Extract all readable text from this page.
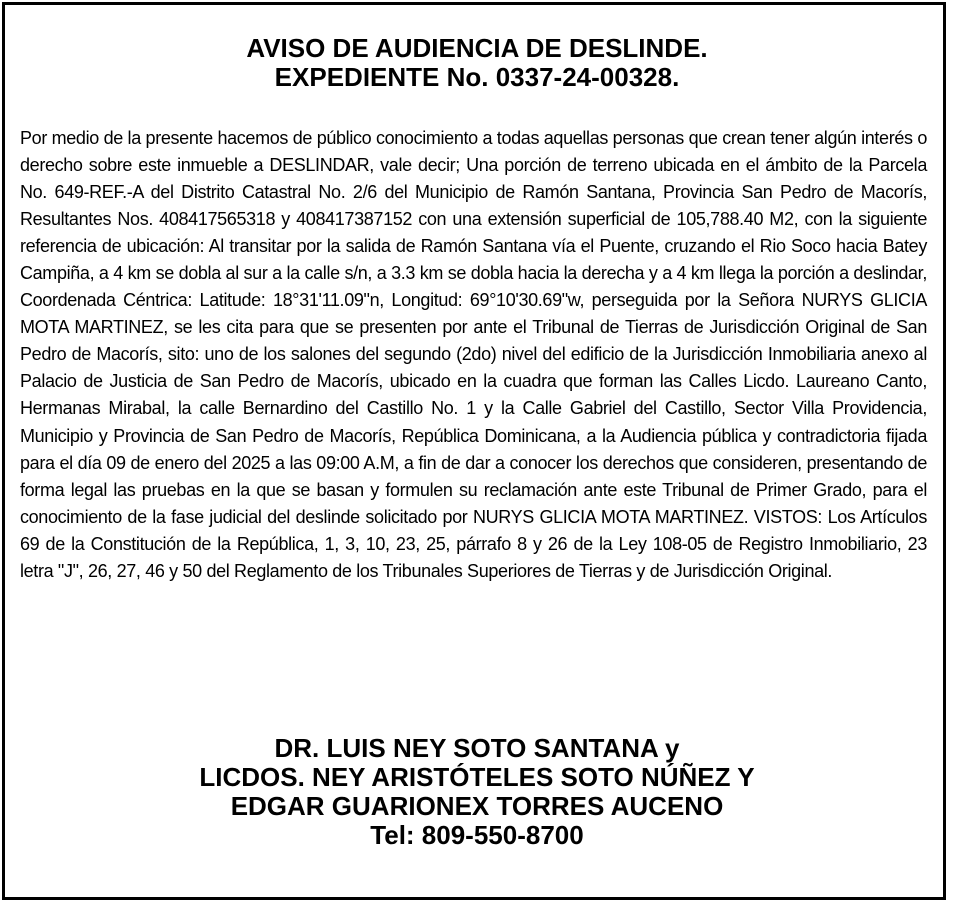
AVISO DE AUDIENCIA DE DESLINDE.
EXPEDIENTE No. 0337-24-00328.

Por medio de la presente hacemos de público conocimiento a todas aquellas personas que crean tener algún interés o derecho sobre este inmueble a DESLINDAR, vale decir; Una porción de terreno ubicada en el ámbito de la Parcela No. 649-REF.-A del Distrito Catastral No. 2/6 del Municipio de Ramón Santana, Provincia San Pedro de Macorís, Resultantes Nos. 408417565318 y 408417387152 con una extensión superficial de 105,788.40 M2, con la siguiente referencia de ubicación: Al transitar por la salida de Ramón Santana vía el Puente, cruzando el Rio Soco hacia Batey Campiña, a 4 km se dobla al sur a la calle s/n, a 3.3 km se dobla hacia la derecha y a 4 km llega la porción a deslindar, Coordenada Céntrica: Latitude: 18°31'11.09"n, Longitud: 69°10'30.69"w, perseguida por la Señora NURYS GLICIA MOTA MARTINEZ, se les cita para que se presenten por ante el Tribunal de Tierras de Jurisdicción Original de San Pedro de Macorís, sito: uno de los salones del segundo (2do) nivel del edificio de la Jurisdicción Inmobiliaria anexo al Palacio de Justicia de San Pedro de Macorís, ubicado en la cuadra que forman las Calles Licdo. Laureano Canto, Hermanas Mirabal, la calle Bernardino del Castillo No. 1 y la Calle Gabriel del Castillo, Sector Villa Providencia, Municipio y Provincia de San Pedro de Macorís, República Dominicana, a la Audiencia pública y contradictoria fijada para el día 09 de enero del 2025 a las 09:00 A.M, a fin de dar a conocer los derechos que consideren, presentando de forma legal las pruebas en la que se basan y formulen su reclamación ante este Tribunal de Primer Grado, para el conocimiento de la fase judicial del deslinde solicitado por NURYS GLICIA MOTA MARTINEZ. VISTOS: Los Artículos 69 de la Constitución de la República, 1, 3, 10, 23, 25, párrafo 8 y 26 de la Ley 108-05 de Registro Inmobiliario, 23 letra "J", 26, 27, 46 y 50 del Reglamento de los Tribunales Superiores de Tierras y de Jurisdicción Original.

DR. LUIS NEY SOTO SANTANA y
LICDOS. NEY ARISTÓTELES SOTO NÚÑEZ Y
EDGAR GUARIONEX TORRES AUCENO
Tel: 809-550-8700
